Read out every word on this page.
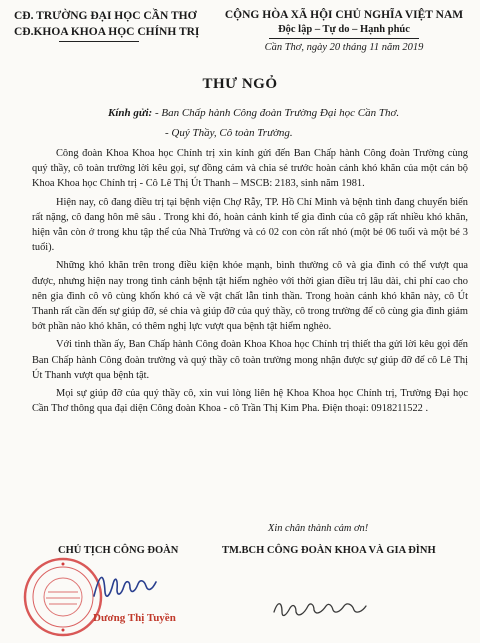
CĐ. TRƯỜNG ĐẠI HỌC CẦN THƠ
CĐ.KHOA KHOA HỌC CHÍNH TRỊ
CỘNG HÒA XÃ HỘI CHỦ NGHĨA VIỆT NAM
Độc lập – Tự do – Hạnh phúc
Cần Thơ, ngày 20 tháng 11 năm 2019
THƯ NGỎ
Kính gửi: - Ban Chấp hành Công đoàn Trường Đại học Cần Thơ.
- Quý Thầy, Cô toàn Trường.

Công đoàn Khoa Khoa học Chính trị xin kính gửi đến Ban Chấp hành Công đoàn Trường cùng quý thầy, cô toàn trường lời kêu gọi, sự đồng cảm và chia sẻ trước hoàn cảnh khó khăn của một cán bộ Khoa Khoa học Chính trị - Cô Lê Thị Út Thanh – MSCB: 2183, sinh năm 1981.

Hiện nay, cô đang điều trị tại bệnh viện Chợ Rẫy, TP. Hồ Chí Minh và bệnh tình đang chuyển biến rất nặng, cô đang hôn mê sâu . Trong khi đó, hoàn cảnh kinh tế gia đình của cô gặp rất nhiều khó khăn, hiện vẫn còn ở trong khu tập thể của Nhà Trường và có 02 con còn rất nhỏ (một bé 06 tuổi và một bé 3 tuổi).

Những khó khăn trên trong điều kiện khỏe mạnh, bình thường cô và gia đình có thể vượt qua được, nhưng hiện nay trong tình cảnh bệnh tật hiểm nghèo với thời gian điều trị lâu dài, chi phí cao cho nên gia đình cô vô cùng khốn khó cả về vật chất lẫn tinh thần. Trong hoàn cảnh khó khăn này, cô Út Thanh rất cần đến sự giúp đỡ, sẻ chia và giúp đỡ của quý thầy, cô trong trường để cô cùng gia đình giảm bớt phần nào khó khăn, có thêm nghị lực vượt qua bệnh tật hiểm nghèo.

Với tinh thần ấy, Ban Chấp hành Công đoàn Khoa Khoa học Chính trị thiết tha gửi lời kêu gọi đến Ban Chấp hành Công đoàn trường và quý thầy cô toàn trường mong nhận được sự giúp đỡ để cô Lê Thị Út Thanh vượt qua bệnh tật.

Mọi sự giúp đỡ của quý thầy cô, xin vui lòng liên hệ Khoa Khoa học Chính trị, Trường Đại học Cần Thơ thông qua đại diện Công đoàn Khoa - cô Trần Thị Kim Pha. Điện thoại: 0918211522 .

Xin chân thành cảm ơn!
CHỦ TỊCH CÔNG ĐOÀN	TM.BCH CÔNG ĐOÀN KHOA VÀ GIA ĐÌNH
Dương Thị Tuyền
